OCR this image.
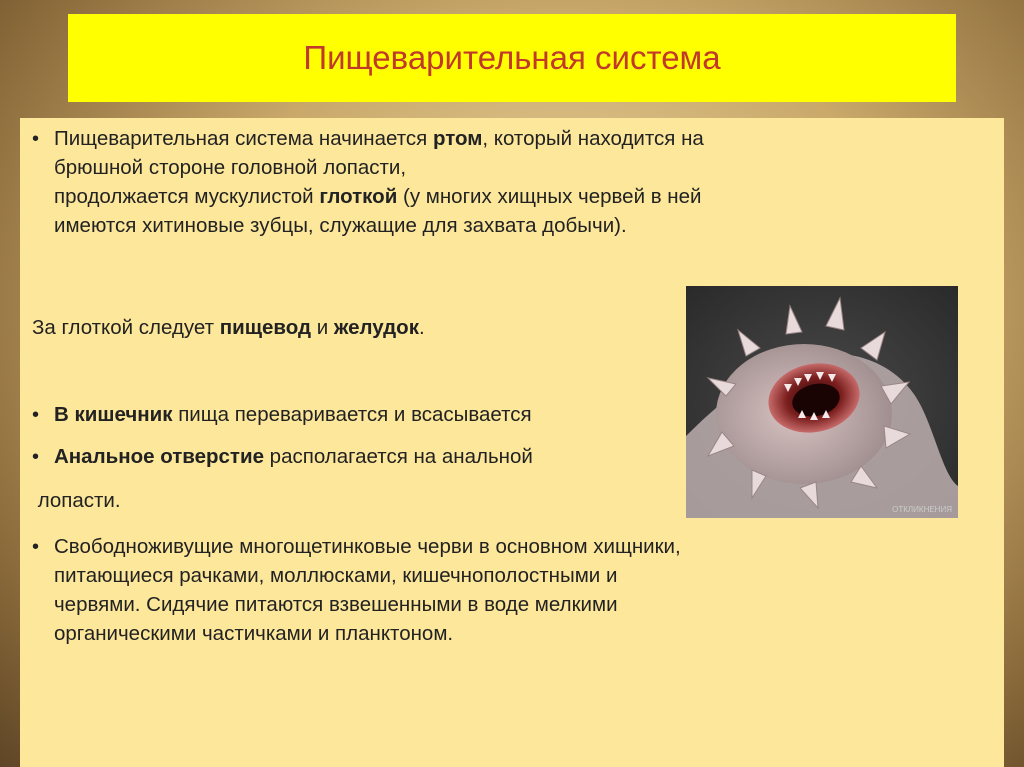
Пищеварительная система
• Пищеварительная система начинается ртом, который находится на
брюшной стороне головной лопасти,
продолжается мускулистой глоткой (у многих хищных червей в ней
имеются хитиновые зубцы, служащие для захвата добычи).
За глоткой следует пищевод и желудок.
• В кишечник пища переваривается и всасывается
• Анальное отверстие располагается на анальной
лопасти.
• Свободноживущие многощетинковые черви в основном хищники,
питающиеся рачками, моллюсками, кишечнополостными и
червями. Сидячие питаются взвешенными в воде мелкими
органическими частичками и планктоном.
ОТКЛИКНЕНИЯ
